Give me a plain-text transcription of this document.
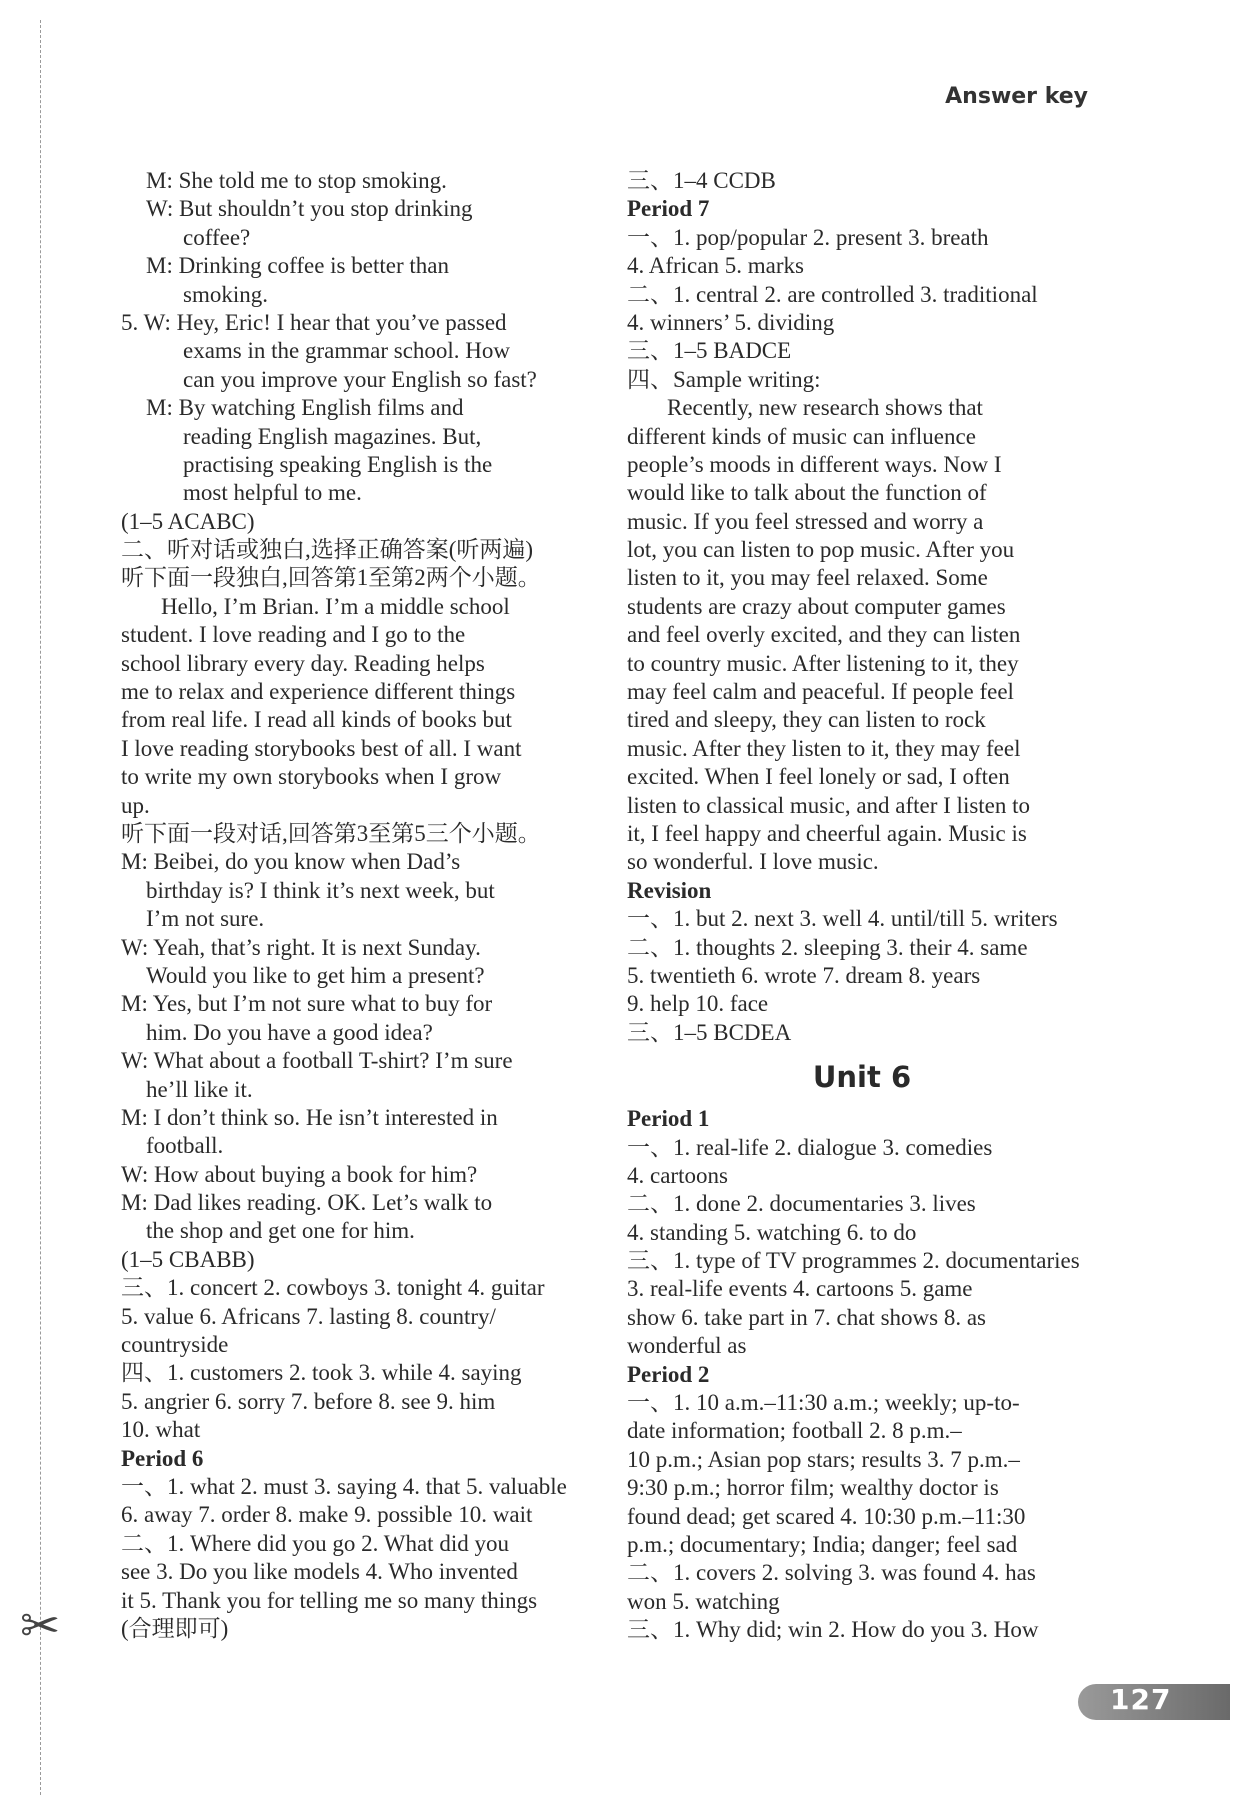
✂
Answer key
M: She told me to stop smoking.
W: But shouldn’t you stop drinking
coffee?
M: Drinking coffee is better than
smoking.
5. W: Hey, Eric! I hear that you’ve passed
exams in the grammar school. How
can you improve your English so fast?
M: By watching English films and
reading English magazines. But,
practising speaking English is the
most helpful to me.
(1–5 ACABC)
二、听对话或独白,选择正确答案(听两遍)
听下面一段独白,回答第1至第2两个小题。
Hello, I’m Brian. I’m a middle school
student. I love reading and I go to the
school library every day. Reading helps
me to relax and experience different things
from real life. I read all kinds of books but
I love reading storybooks best of all. I want
to write my own storybooks when I grow
up.
听下面一段对话,回答第3至第5三个小题。
M: Beibei, do you know when Dad’s
birthday is? I think it’s next week, but
I’m not sure.
W: Yeah, that’s right. It is next Sunday.
Would you like to get him a present?
M: Yes, but I’m not sure what to buy for
him. Do you have a good idea?
W: What about a football T-shirt? I’m sure
he’ll like it.
M: I don’t think so. He isn’t interested in
football.
W: How about buying a book for him?
M: Dad likes reading. OK. Let’s walk to
the shop and get one for him.
(1–5 CBABB)
三、1. concert 2. cowboys 3. tonight 4. guitar
5. value 6. Africans 7. lasting 8. country/
countryside
四、1. customers 2. took 3. while 4. saying
5. angrier 6. sorry 7. before 8. see 9. him
10. what
Period 6
一、1. what 2. must 3. saying 4. that 5. valuable
6. away 7. order 8. make 9. possible 10. wait
二、1. Where did you go 2. What did you
see 3. Do you like models 4. Who invented
it 5. Thank you for telling me so many things
(合理即可)
三、1–4 CCDB
Period 7
一、1. pop/popular 2. present 3. breath
4. African 5. marks
二、1. central 2. are controlled 3. traditional
4. winners’ 5. dividing
三、1–5 BADCE
四、Sample writing:
Recently, new research shows that
different kinds of music can influence
people’s moods in different ways. Now I
would like to talk about the function of
music. If you feel stressed and worry a
lot, you can listen to pop music. After you
listen to it, you may feel relaxed. Some
students are crazy about computer games
and feel overly excited, and they can listen
to country music. After listening to it, they
may feel calm and peaceful. If people feel
tired and sleepy, they can listen to rock
music. After they listen to it, they may feel
excited. When I feel lonely or sad, I often
listen to classical music, and after I listen to
it, I feel happy and cheerful again. Music is
so wonderful. I love music.
Revision
一、1. but 2. next 3. well 4. until/till 5. writers
二、1. thoughts 2. sleeping 3. their 4. same
5. twentieth 6. wrote 7. dream 8. years
9. help 10. face
三、1–5 BCDEA
Unit 6
Period 1
一、1. real-life 2. dialogue 3. comedies
4. cartoons
二、1. done 2. documentaries 3. lives
4. standing 5. watching 6. to do
三、1. type of TV programmes 2. documentaries
3. real-life events 4. cartoons 5. game
show 6. take part in 7. chat shows 8. as
wonderful as
Period 2
一、1. 10 a.m.–11:30 a.m.; weekly; up-to-
date information; football 2. 8 p.m.–
10 p.m.; Asian pop stars; results 3. 7 p.m.–
9:30 p.m.; horror film; wealthy doctor is
found dead; get scared 4. 10:30 p.m.–11:30
p.m.; documentary; India; danger; feel sad
二、1. covers 2. solving 3. was found 4. has
won 5. watching
三、1. Why did; win 2. How do you 3. How
127
